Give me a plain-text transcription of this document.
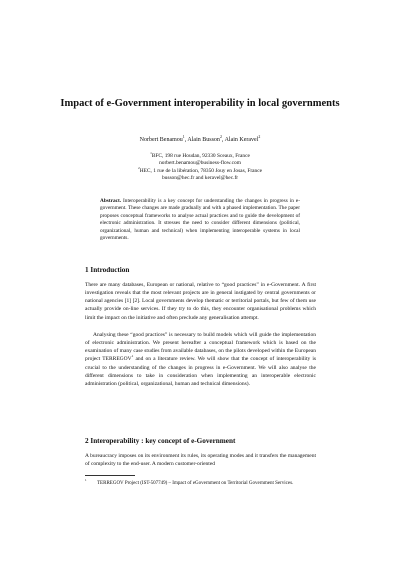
Impact of e-Government interoperability in local governments
Norbert Benamou$^1$, Alain Busson$^2$, Alain Keravel$^2$
$^1$BFC, 198 rue Houdan, 92330 Sceaux, France
norbert.benamou@business-flow.com
$^2$HEC, 1 rue de la libération, 78350 Jouy en Josas, France
busson@hec.fr and keravel@hec.fr
Abstract. Interoperability is a key concept for understanding the changes in progress in e-government. These changes are made gradually and with a phased implementation. The paper proposes conceptual frameworks to analyse actual practices and to guide the development of electronic administration. It stresses the need to consider different dimensions (political, organizational, human and technical) when implementing interoperable systems in local governments.
1 Introduction
There are many databases, European or national, relative to “good practices” in e-Government. A first investigation reveals that the most relevant projects are in general instigated by central governments or national agencies [1] [2]. Local governments develop thematic or territorial portals, but few of them use actually provide on-line services. If they try to do this, they encounter organisational problems which limit the impact on the initiative and often preclude any generalisation attempt.
Analysing these “good practices” is necessary to build models which will guide the implementation of electronic administration. We present hereafter a conceptual framework which is based on the examination of many case studies from available databases, on the pilots developed within the European project TERREGOV$^1$ and on a literature review. We will show that the concept of interoperability is crucial to the understanding of the changes in progress in e-Government. We will also analyse the different dimensions to take in consideration when implementing an interoperable electronic administration (political, organizational, human and technical dimensions).
2 Interoperability : key concept of e-Government
A bureaucracy imposes on its environment its rules, its operating modes and it transfers the management of complexity to the end-user. A modern customer-oriented
$^1$TERREGOV Project (IST-507749) – Impact of eGovernment on Territorial Government Services.
